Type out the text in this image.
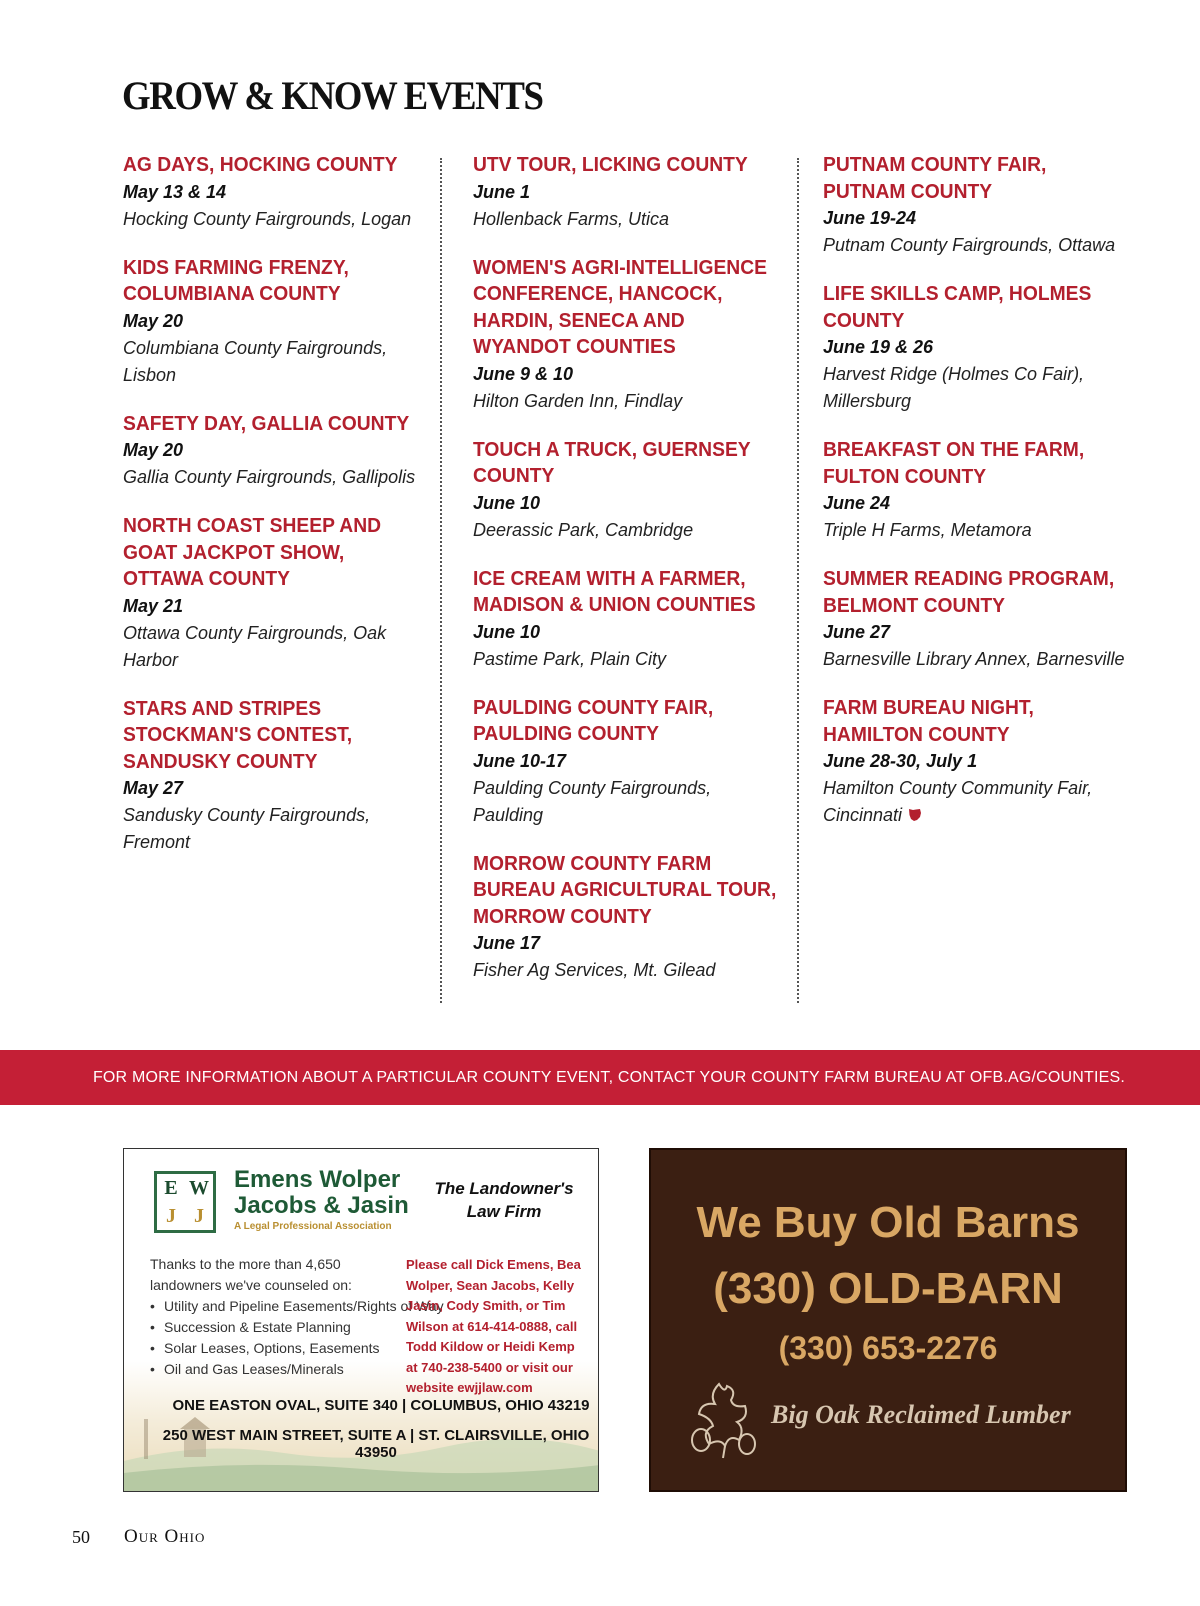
GROW & KNOW EVENTS
AG DAYS, HOCKING COUNTY
May 13 & 14
Hocking County Fairgrounds, Logan
KIDS FARMING FRENZY, COLUMBIANA COUNTY
May 20
Columbiana County Fairgrounds, Lisbon
SAFETY DAY, GALLIA COUNTY
May 20
Gallia County Fairgrounds, Gallipolis
NORTH COAST SHEEP AND GOAT JACKPOT SHOW, OTTAWA COUNTY
May 21
Ottawa County Fairgrounds, Oak Harbor
STARS AND STRIPES STOCKMAN'S CONTEST, SANDUSKY COUNTY
May 27
Sandusky County Fairgrounds, Fremont
UTV TOUR, LICKING COUNTY
June 1
Hollenback Farms, Utica
WOMEN'S AGRI-INTELLIGENCE CONFERENCE, HANCOCK, HARDIN, SENECA AND WYANDOT COUNTIES
June 9 & 10
Hilton Garden Inn, Findlay
TOUCH A TRUCK, GUERNSEY COUNTY
June 10
Deerassic Park, Cambridge
ICE CREAM WITH A FARMER, MADISON & UNION COUNTIES
June 10
Pastime Park, Plain City
PAULDING COUNTY FAIR, PAULDING COUNTY
June 10-17
Paulding County Fairgrounds, Paulding
MORROW COUNTY FARM BUREAU AGRICULTURAL TOUR, MORROW COUNTY
June 17
Fisher Ag Services, Mt. Gilead
PUTNAM COUNTY FAIR, PUTNAM COUNTY
June 19-24
Putnam County Fairgrounds, Ottawa
LIFE SKILLS CAMP, HOLMES COUNTY
June 19 & 26
Harvest Ridge (Holmes Co Fair), Millersburg
BREAKFAST ON THE FARM, FULTON COUNTY
June 24
Triple H Farms, Metamora
SUMMER READING PROGRAM, BELMONT COUNTY
June 27
Barnesville Library Annex, Barnesville
FARM BUREAU NIGHT, HAMILTON COUNTY
June 28-30, July 1
Hamilton County Community Fair, Cincinnati
FOR MORE INFORMATION ABOUT A PARTICULAR COUNTY EVENT, CONTACT YOUR COUNTY FARM BUREAU AT OFB.AG/COUNTIES.
E W
J J
Emens Wolper Jacobs & Jasin
A Legal Professional Association
The Landowner's Law Firm
Thanks to the more than 4,650 landowners we've counseled on:
• Utility and Pipeline Easements/Rights of Way
• Succession & Estate Planning
• Solar Leases, Options, Easements
• Oil and Gas Leases/Minerals
Please call Dick Emens, Bea Wolper, Sean Jacobs, Kelly Jasin, Cody Smith, or Tim Wilson at 614-414-0888, call Todd Kildow or Heidi Kemp at 740-238-5400 or visit our website ewjjlaw.com
ONE EASTON OVAL, SUITE 340 | COLUMBUS, OHIO 43219
250 WEST MAIN STREET, SUITE A | ST. CLAIRSVILLE, OHIO 43950
We Buy Old Barns
(330) OLD-BARN
(330) 653-2276
Big Oak Reclaimed Lumber
50 Our Ohio
